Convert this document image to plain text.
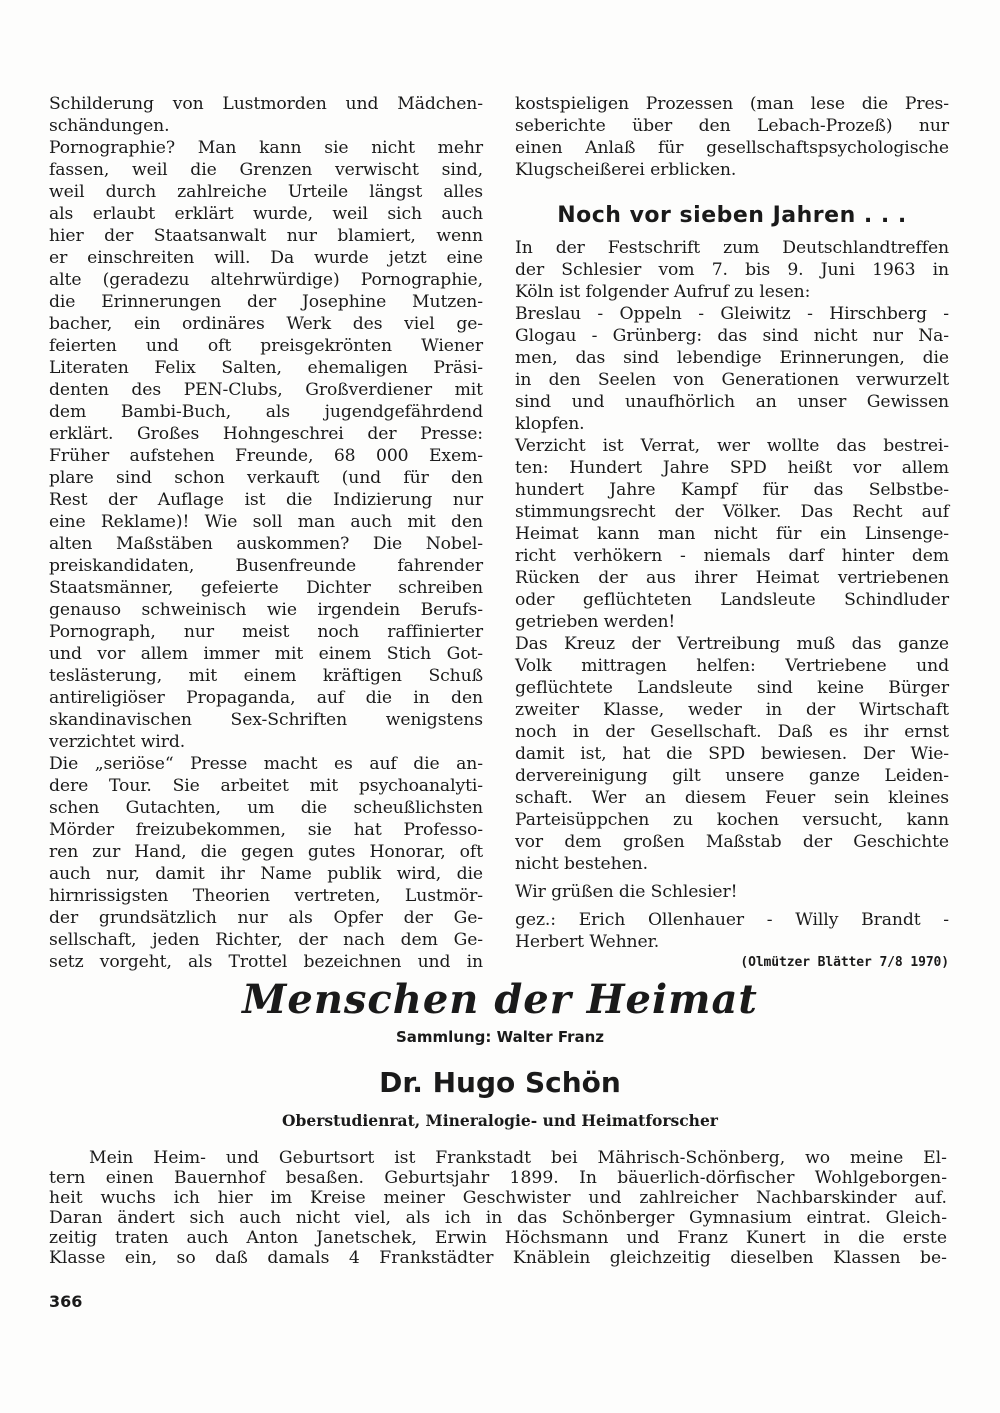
Schilderung von Lustmorden und Mädchen-
schändungen.
Pornographie? Man kann sie nicht mehr
fassen, weil die Grenzen verwischt sind,
weil durch zahlreiche Urteile längst alles
als erlaubt erklärt wurde, weil sich auch
hier der Staatsanwalt nur blamiert, wenn
er einschreiten will. Da wurde jetzt eine
alte (geradezu altehrwürdige) Pornographie,
die Erinnerungen der Josephine Mutzen-
bacher, ein ordinäres Werk des viel ge-
feierten und oft preisgekrönten Wiener
Literaten Felix Salten, ehemaligen Präsi-
denten des PEN-Clubs, Großverdiener mit
dem Bambi-Buch, als jugendgefährdend
erklärt. Großes Hohngeschrei der Presse:
Früher aufstehen Freunde, 68 000 Exem-
plare sind schon verkauft (und für den
Rest der Auflage ist die Indizierung nur
eine Reklame)! Wie soll man auch mit den
alten Maßstäben auskommen? Die Nobel-
preiskandidaten, Busenfreunde fahrender
Staatsmänner, gefeierte Dichter schreiben
genauso schweinisch wie irgendein Berufs-
Pornograph, nur meist noch raffinierter
und vor allem immer mit einem Stich Got-
teslästerung, mit einem kräftigen Schuß
antireligiöser Propaganda, auf die in den
skandinavischen Sex-Schriften wenigstens
verzichtet wird.
Die „seriöse“ Presse macht es auf die an-
dere Tour. Sie arbeitet mit psychoanalyti-
schen Gutachten, um die scheußlichsten
Mörder freizubekommen, sie hat Professo-
ren zur Hand, die gegen gutes Honorar, oft
auch nur, damit ihr Name publik wird, die
hirnrissigsten Theorien vertreten, Lustmör-
der grundsätzlich nur als Opfer der Ge-
sellschaft, jeden Richter, der nach dem Ge-
setz vorgeht, als Trottel bezeichnen und in
kostspieligen Prozessen (man lese die Pres-
seberichte über den Lebach-Prozeß) nur
einen Anlaß für gesellschaftspsychologische
Klugscheißerei erblicken.
Noch vor sieben Jahren . . .
In der Festschrift zum Deutschlandtreffen
der Schlesier vom 7. bis 9. Juni 1963 in
Köln ist folgender Aufruf zu lesen:
Breslau - Oppeln - Gleiwitz - Hirschberg -
Glogau - Grünberg: das sind nicht nur Na-
men, das sind lebendige Erinnerungen, die
in den Seelen von Generationen verwurzelt
sind und unaufhörlich an unser Gewissen
klopfen.
Verzicht ist Verrat, wer wollte das bestrei-
ten: Hundert Jahre SPD heißt vor allem
hundert Jahre Kampf für das Selbstbe-
stimmungsrecht der Völker. Das Recht auf
Heimat kann man nicht für ein Linsenge-
richt verhökern - niemals darf hinter dem
Rücken der aus ihrer Heimat vertriebenen
oder geflüchteten Landsleute Schindluder
getrieben werden!
Das Kreuz der Vertreibung muß das ganze
Volk mittragen helfen: Vertriebene und
geflüchtete Landsleute sind keine Bürger
zweiter Klasse, weder in der Wirtschaft
noch in der Gesellschaft. Daß es ihr ernst
damit ist, hat die SPD bewiesen. Der Wie-
dervereinigung gilt unsere ganze Leiden-
schaft. Wer an diesem Feuer sein kleines
Parteisüppchen zu kochen versucht, kann
vor dem großen Maßstab der Geschichte
nicht bestehen.
Wir grüßen die Schlesier!
gez.: Erich Ollenhauer - Willy Brandt -
Herbert Wehner.
(Olmützer Blätter 7/8 1970)
Menschen der Heimat
Sammlung: Walter Franz
Dr. Hugo Schön
Oberstudienrat, Mineralogie- und Heimatforscher
Mein Heim- und Geburtsort ist Frankstadt bei Mährisch-Schönberg, wo meine El-
tern einen Bauernhof besaßen. Geburtsjahr 1899. In bäuerlich-dörfischer Wohlgeborgen-
heit wuchs ich hier im Kreise meiner Geschwister und zahlreicher Nachbarskinder auf.
Daran ändert sich auch nicht viel, als ich in das Schönberger Gymnasium eintrat. Gleich-
zeitig traten auch Anton Janetschek, Erwin Höchsmann und Franz Kunert in die erste
Klasse ein, so daß damals 4 Frankstädter Knäblein gleichzeitig dieselben Klassen be-
366
